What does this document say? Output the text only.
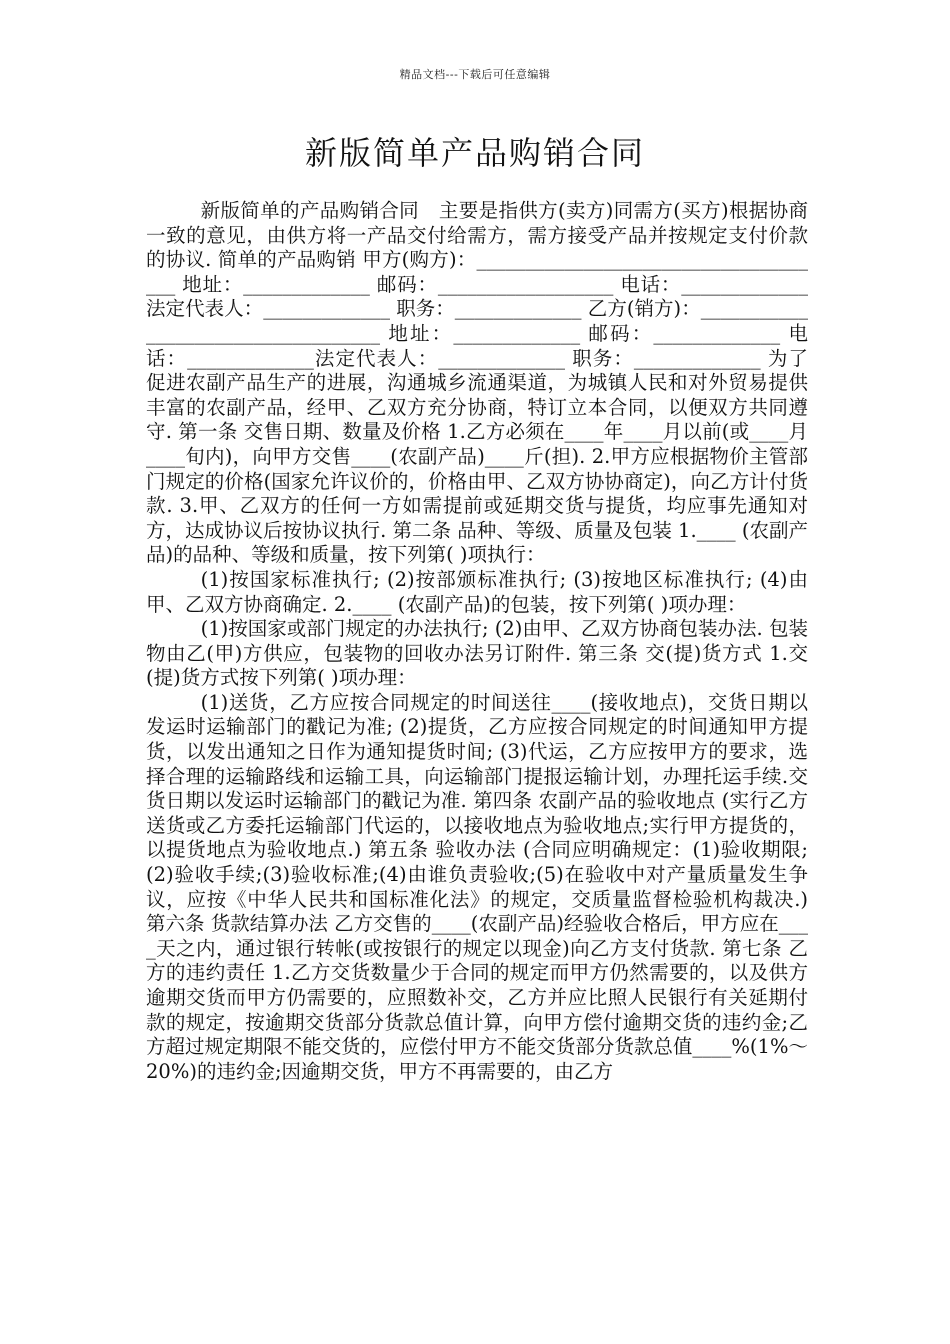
精品文档---下载后可任意编辑
新版简单产品购销合同

新版简单的产品购销合同　主要是指供方(卖方)同需方(买方)根据协商一致的意见，由供方将一产品交付给需方，需方接受产品并按规定支付价款的协议. 简单的产品购销 甲方(购方)：_____________________________________ 地址：_____________ 邮码：__________________ 电话：_____________ 法定代表人：_____________ 职务：_____________ 乙方(销方)：___________________________________ 地址：_____________ 邮码：_____________ 电话：_____________法定代表人：_____________ 职务：_____________ 为了促进农副产品生产的进展，沟通城乡流通渠道，为城镇人民和对外贸易提供丰富的农副产品，经甲、乙双方充分协商，特订立本合同，以便双方共同遵守. 第一条 交售日期、数量及价格 1.乙方必须在____年____月以前(或____月____旬内)，向甲方交售____(农副产品)____斤(担). 2.甲方应根据物价主管部门规定的价格(国家允许议价的，价格由甲、乙双方协协商定)，向乙方计付货款. 3.甲、乙双方的任何一方如需提前或延期交货与提货，均应事先通知对方，达成协议后按协议执行. 第二条 品种、等级、质量及包装 1.____ (农副产品)的品种、等级和质量，按下列第( )项执行：

(1)按国家标准执行; (2)按部颁标准执行; (3)按地区标准执行; (4)由甲、乙双方协商确定. 2.____ (农副产品)的包装，按下列第( )项办理：

(1)按国家或部门规定的办法执行; (2)由甲、乙双方协商包装办法. 包装物由乙(甲)方供应，包装物的回收办法另订附件. 第三条 交(提)货方式 1.交(提)货方式按下列第( )项办理：

(1)送货，乙方应按合同规定的时间送往____(接收地点)，交货日期以发运时运输部门的戳记为准; (2)提货，乙方应按合同规定的时间通知甲方提货，以发出通知之日作为通知提货时间; (3)代运，乙方应按甲方的要求，选择合理的运输路线和运输工具，向运输部门提报运输计划，办理托运手续.交货日期以发运时运输部门的戳记为准. 第四条 农副产品的验收地点 (实行乙方送货或乙方委托运输部门代运的，以接收地点为验收地点;实行甲方提货的，以提货地点为验收地点.) 第五条 验收办法 (合同应明确规定：(1)验收期限; (2)验收手续;(3)验收标准;(4)由谁负责验收;(5)在验收中对产量质量发生争议，应按《中华人民共和国标准化法》的规定，交质量监督检验机构裁决.) 第六条 货款结算办法 乙方交售的____(农副产品)经验收合格后，甲方应在____天之内，通过银行转帐(或按银行的规定以现金)向乙方支付货款. 第七条 乙方的违约责任 1.乙方交货数量少于合同的规定而甲方仍然需要的，以及供方逾期交货而甲方仍需要的，应照数补交，乙方并应比照人民银行有关延期付款的规定，按逾期交货部分货款总值计算，向甲方偿付逾期交货的违约金;乙方超过规定期限不能交货的，应偿付甲方不能交货部分货款总值____%(1%～20%)的违约金;因逾期交货，甲方不再需要的，由乙方
